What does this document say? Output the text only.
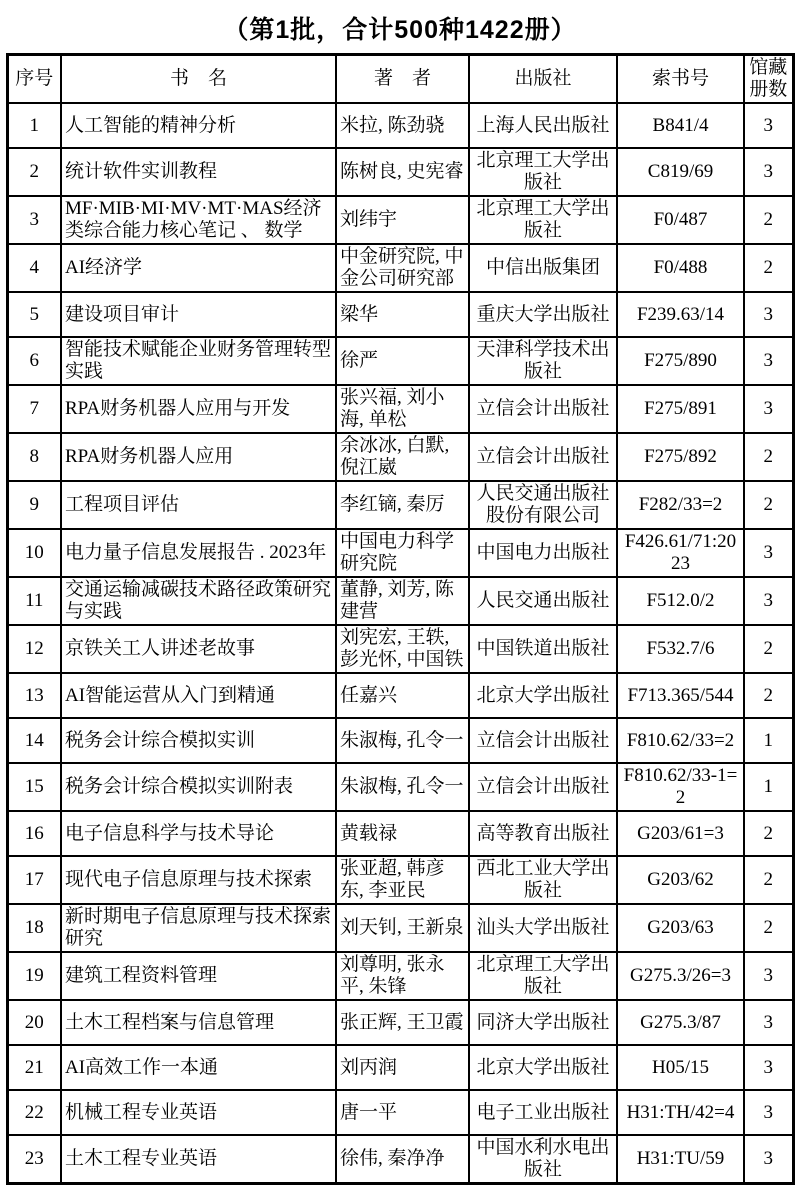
（第1批，合计500种1422册）
序号	书　名	著　者	出版社	索书号	馆藏册数
1	人工智能的精神分析	米拉, 陈劲骁	上海人民出版社	B841/4	3
2	统计软件实训教程	陈树良, 史宪睿	北京理工大学出版社	C819/69	3
3	MF·MIB·MI·MV·MT·MAS经济类综合能力核心笔记 、 数学	刘纬宇	北京理工大学出版社	F0/487	2
4	AI经济学	中金研究院, 中金公司研究部	中信出版集团	F0/488	2
5	建设项目审计	梁华	重庆大学出版社	F239.63/14	3
6	智能技术赋能企业财务管理转型实践	徐严	天津科学技术出版社	F275/890	3
7	RPA财务机器人应用与开发	张兴福, 刘小海, 单松	立信会计出版社	F275/891	3
8	RPA财务机器人应用	余冰冰, 白默, 倪江崴	立信会计出版社	F275/892	2
9	工程项目评估	李红镝, 秦厉	人民交通出版社股份有限公司	F282/33=2	2
10	电力量子信息发展报告 . 2023年	中国电力科学研究院	中国电力出版社	F426.61/71:2023	3
11	交通运输减碳技术路径政策研究与实践	董静, 刘芳, 陈建营	人民交通出版社	F512.0/2	3
12	京铁关工人讲述老故事	刘宪宏, 王轶, 彭光怀, 中国铁	中国铁道出版社	F532.7/6	2
13	AI智能运营从入门到精通	任嘉兴	北京大学出版社	F713.365/544	2
14	税务会计综合模拟实训	朱淑梅, 孔令一	立信会计出版社	F810.62/33=2	1
15	税务会计综合模拟实训附表	朱淑梅, 孔令一	立信会计出版社	F810.62/33-1=2	1
16	电子信息科学与技术导论	黄载禄	高等教育出版社	G203/61=3	2
17	现代电子信息原理与技术探索	张亚超, 韩彦东, 李亚民	西北工业大学出版社	G203/62	2
18	新时期电子信息原理与技术探索研究	刘天钊, 王新泉	汕头大学出版社	G203/63	2
19	建筑工程资料管理	刘尊明, 张永平, 朱锋	北京理工大学出版社	G275.3/26=3	3
20	土木工程档案与信息管理	张正辉, 王卫霞	同济大学出版社	G275.3/87	3
21	AI高效工作一本通	刘丙润	北京大学出版社	H05/15	3
22	机械工程专业英语	唐一平	电子工业出版社	H31:TH/42=4	3
23	土木工程专业英语	徐伟, 秦净净	中国水利水电出版社	H31:TU/59	3
